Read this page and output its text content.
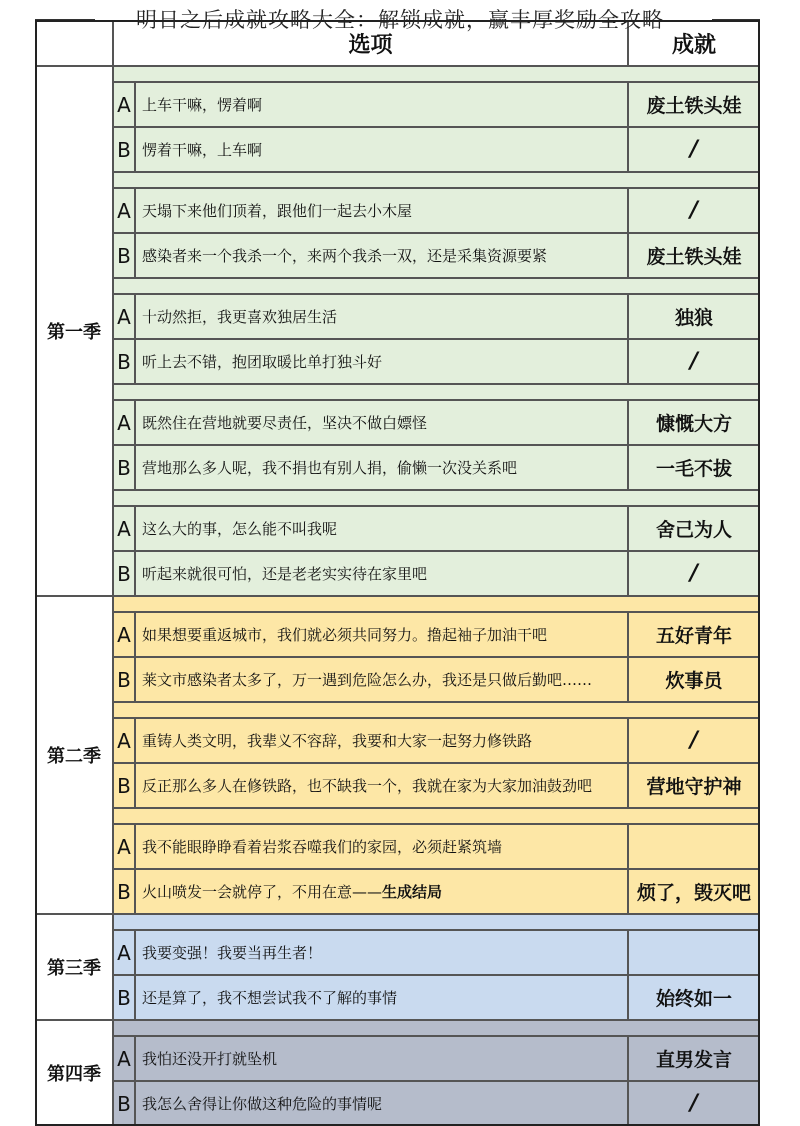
明日之后成就攻略大全：解锁成就，赢丰厚奖励全攻略
选项	成就
A 上车干嘛，愣着啊	废土铁头娃
B 愣着干嘛，上车啊	/
A 天塌下来他们顶着，跟他们一起去小木屋	/
B 感染者来一个我杀一个，来两个我杀一双，还是采集资源要紧	废土铁头娃
A 十动然拒，我更喜欢独居生活	独狼
B 听上去不错，抱团取暖比单打独斗好	/
A 既然住在营地就要尽责任，坚决不做白嫖怪	慷慨大方
B 营地那么多人呢，我不捐也有别人捐，偷懒一次没关系吧	一毛不拔
A 这么大的事，怎么能不叫我呢	舍己为人
B 听起来就很可怕，还是老老实实待在家里吧	/
第一季
A 如果想要重返城市，我们就必须共同努力。撸起袖子加油干吧	五好青年
B 莱文市感染者太多了，万一遇到危险怎么办，我还是只做后勤吧……	炊事员
A 重铸人类文明，我辈义不容辞，我要和大家一起努力修铁路	/
B 反正那么多人在修铁路，也不缺我一个，我就在家为大家加油鼓劲吧	营地守护神
A 我不能眼睁睁看着岩浆吞噬我们的家园，必须赶紧筑墙
B 火山喷发一会就停了，不用在意—— 生成结局	烦了，毁灭吧
第二季
A 我要变强！我要当再生者！
B 还是算了，我不想尝试我不了解的事情	始终如一
第三季
A 我怕还没开打就坠机	直男发言
B 我怎么舍得让你做这种危险的事情呢	/
第四季
